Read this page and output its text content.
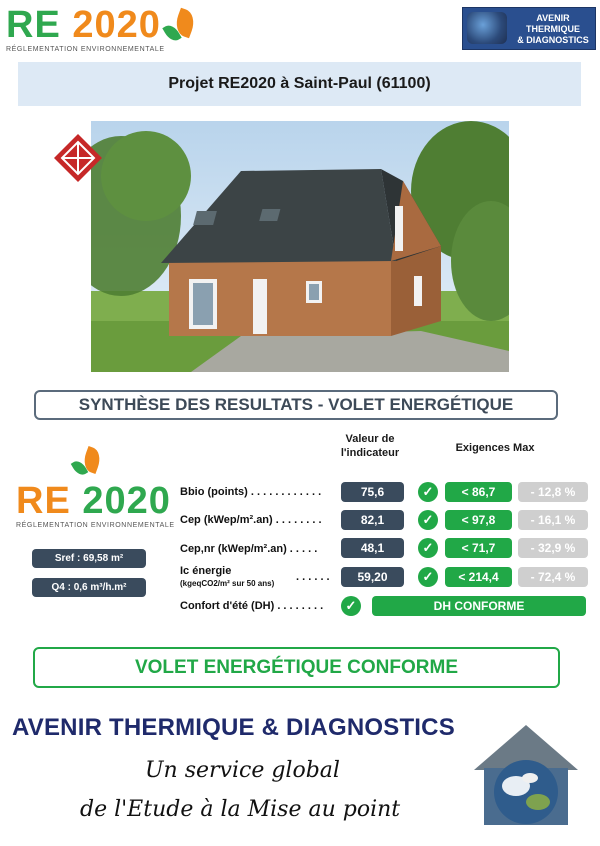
RE 2020
RÉGLEMENTATION ENVIRONNEMENTALE
AVENIR
THERMIQUE
& DIAGNOSTICS
Projet RE2020 à Saint-Paul (61100)
SYNTHÈSE DES RESULTATS - VOLET ENERGÉTIQUE
Valeur de
l'indicateur	Exigences Max
RE 2020
RÉGLEMENTATION ENVIRONNEMENTALE
Sref : 69,58 m²
Q4 : 0,6 m³/h.m²
Bbio (points) . . . . . . . . . . . .	75,6	✓	< 86,7	- 12,8 %
Cep (kWep/m².an) . . . . . . . .	82,1	✓	< 97,8	- 16,1 %
Cep,nr (kWep/m².an) . . . . .	48,1	✓	< 71,7	- 32,9 %
Ic énergie
(kgeqCO2/m² sur 50 ans)
. . . . . .	59,20	✓	< 214,4	- 72,4 %
Confort d'été (DH) . . . . . . . .	✓	DH CONFORME
VOLET ENERGÉTIQUE CONFORME
AVENIR THERMIQUE & DIAGNOSTICS
Un service global
de l'Etude à la Mise au point
